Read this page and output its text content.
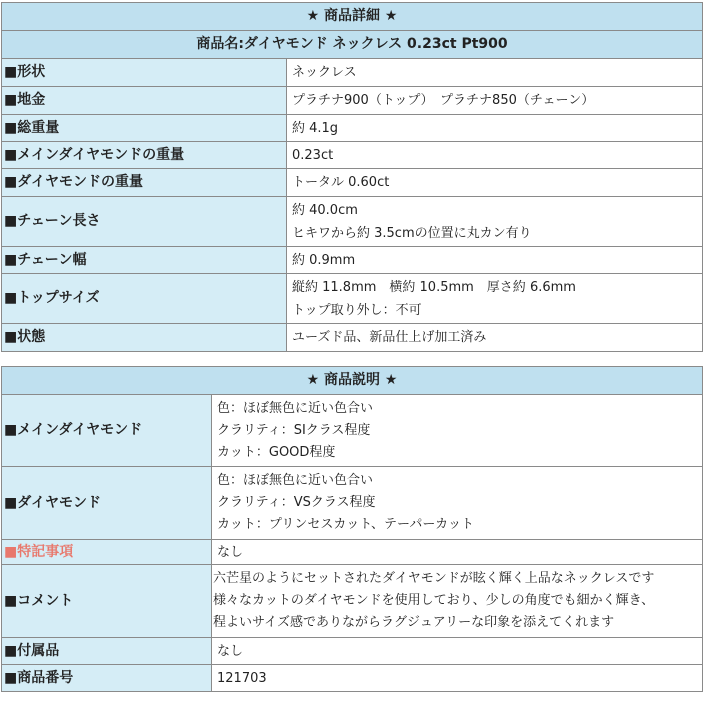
★ 商品詳細 ★	
商品名:ダイヤモンド ネックレス 0.23ct Pt900	
■形状	ネックレス

■地金	プラチナ900（トップ）　プラチナ850（チェーン）

■総重量	約 4.1g

■メインダイヤモンドの重量	0.23ct

■ダイヤモンドの重量	トータル 0.60ct

■チェーン長さ	約 40.0cm
ヒキワから約 3.5cmの位置に丸カン有り

■チェーン幅	約 0.9mm

■トップサイズ	縦約 11.8mm　横約 10.5mm　厚さ約 6.6mm
トップ取り外し：不可

■状態	ユーズド品、新品仕上げ加工済み
★ 商品説明 ★	
■メインダイヤモンド	色：ほぼ無色に近い色合い
クラリティ：SIクラス程度
カット：GOOD程度

■ダイヤモンド	色：ほぼ無色に近い色合い
クラリティ：VSクラス程度
カット：プリンセスカット、テーパーカット

■特記事項	なし

■コメント	六芒星のようにセットされたダイヤモンドが眩く輝く上品なネックレスです
様々なカットのダイヤモンドを使用しており、少しの角度でも細かく輝き、
程よいサイズ感でありながらラグジュアリーな印象を添えてくれます

■付属品	なし

■商品番号	121703
